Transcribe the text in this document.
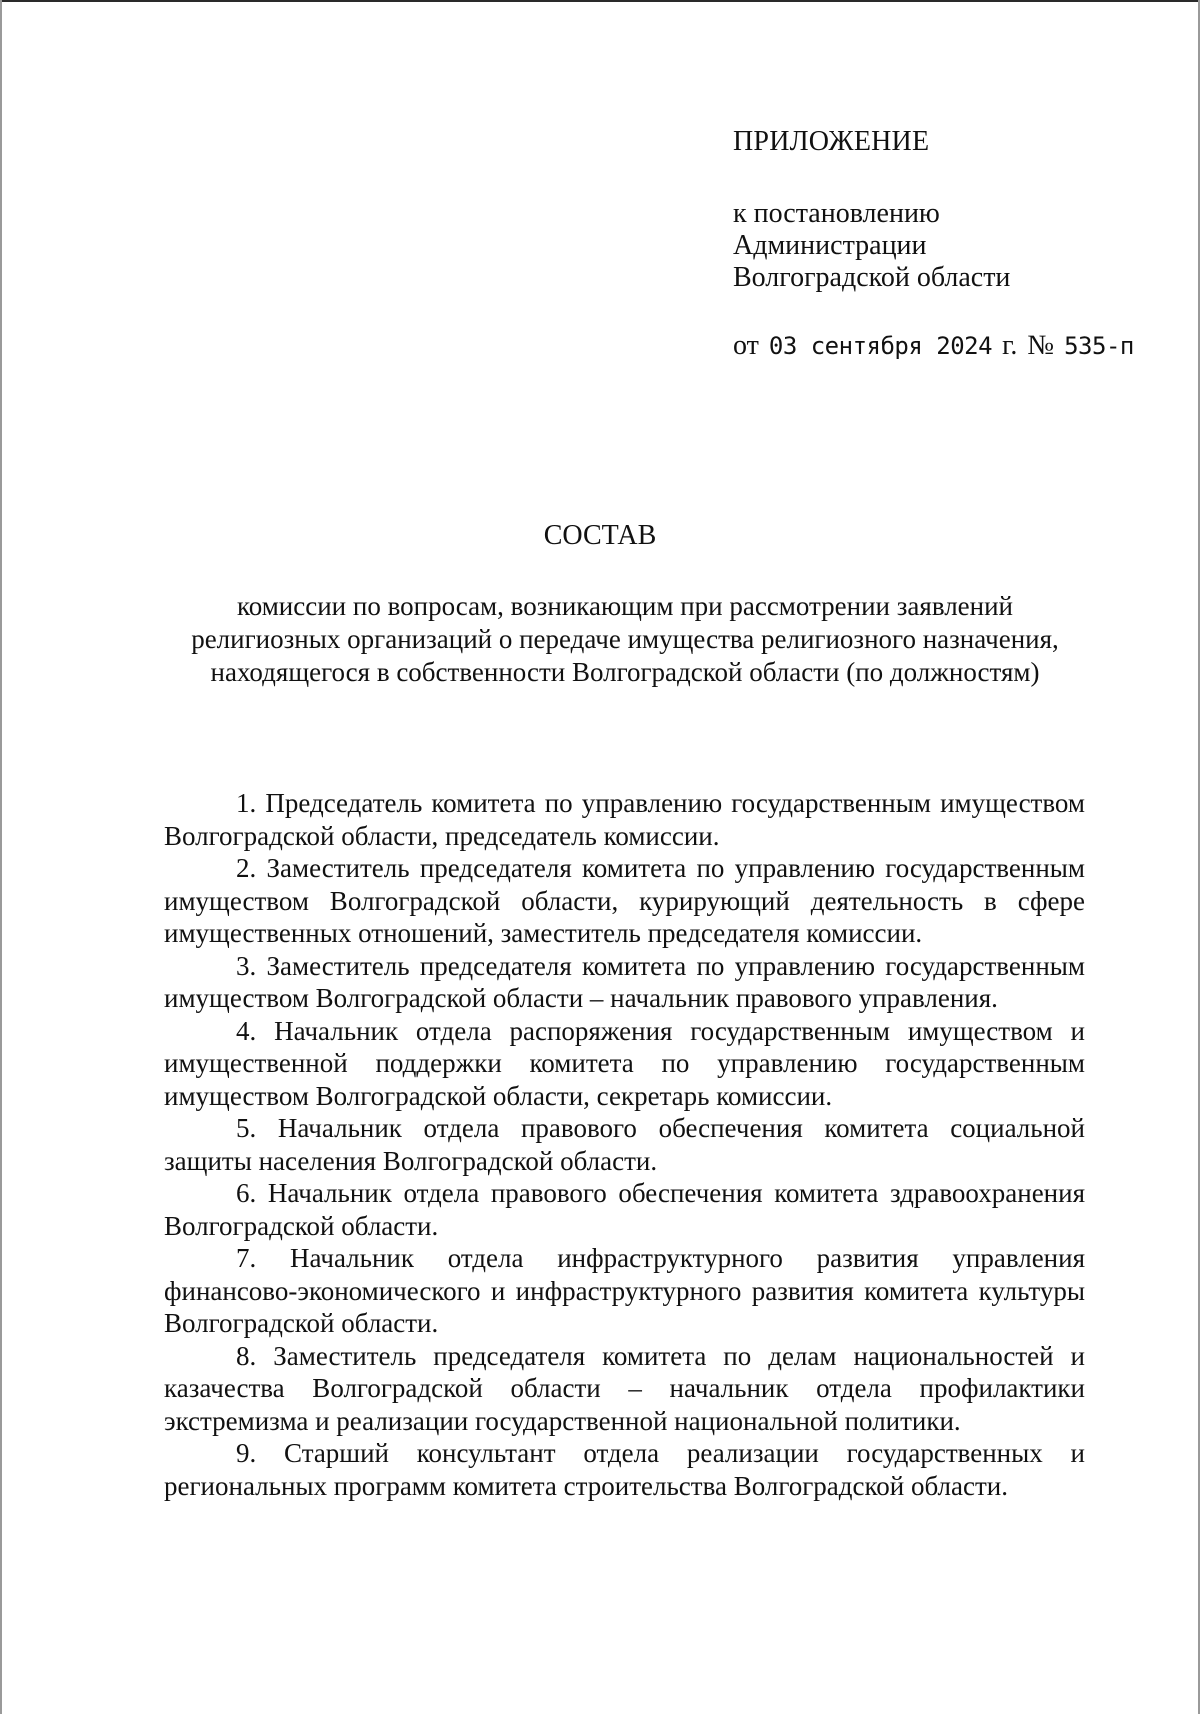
ПРИЛОЖЕНИЕ

к постановлению
Администрации
Волгоградской области

от 03 сентября 2024 г. № 535-п

СОСТАВ

комиссии по вопросам, возникающим при рассмотрении заявлений
религиозных организаций о передаче имущества религиозного назначения,
находящегося в собственности Волгоградской области (по должностям)

1. Председатель комитета по управлению государственным имуществом Волгоградской области, председатель комиссии.

2. Заместитель председателя комитета по управлению государственным имуществом Волгоградской области, курирующий деятельность в сфере имущественных отношений, заместитель председателя комиссии.

3. Заместитель председателя комитета по управлению государственным имуществом Волгоградской области – начальник правового управления.

4. Начальник отдела распоряжения государственным имуществом и имущественной поддержки комитета по управлению государственным имуществом Волгоградской области, секретарь комиссии.

5. Начальник отдела правового обеспечения комитета социальной защиты населения Волгоградской области.

6. Начальник отдела правового обеспечения комитета здравоохранения Волгоградской области.

7. Начальник отдела инфраструктурного развития управления финансово-экономического и инфраструктурного развития комитета культуры Волгоградской области.

8. Заместитель председателя комитета по делам национальностей и казачества Волгоградской области – начальник отдела профилактики экстремизма и реализации государственной национальной политики.

9. Старший консультант отдела реализации государственных и региональных программ комитета строительства Волгоградской области.
